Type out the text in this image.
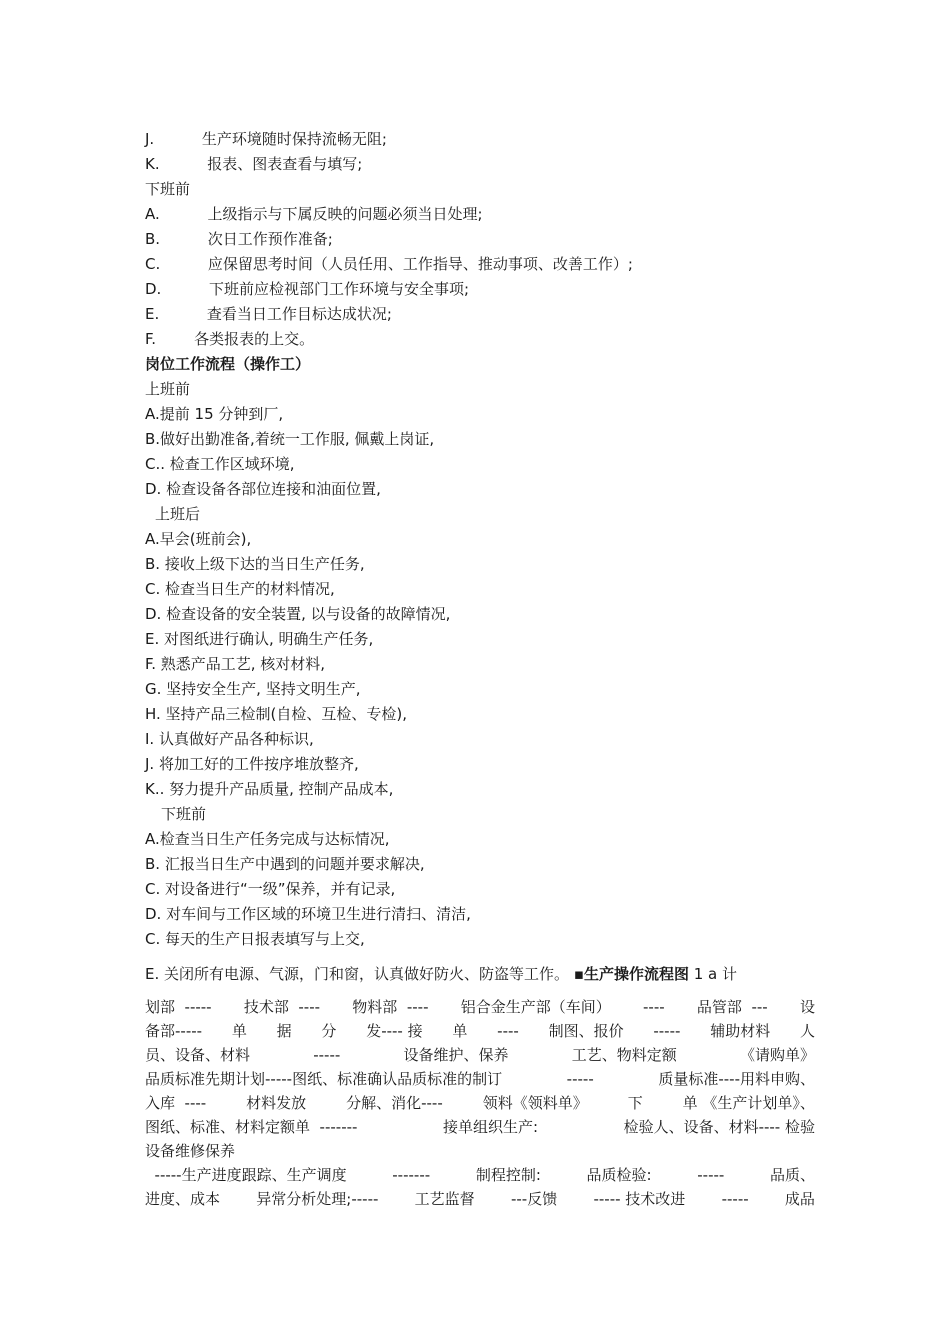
J.          生产环境随时保持流畅无阻;
K.          报表、图表查看与填写;
下班前
A.          上级指示与下属反映的问题必须当日处理;
B.          次日工作预作准备;
C.          应保留思考时间（人员任用、工作指导、推动事项、改善工作）;
D.          下班前应检视部门工作环境与安全事项;
E.          查看当日工作目标达成状况;
F.        各类报表的上交。
岗位工作流程（操作工）
上班前
A.提前 15 分钟到厂,
B.做好出勤准备,着统一工作服, 佩戴上岗证,
C.. 检查工作区域环境,
D. 检查设备各部位连接和油面位置,
上班后
A.早会(班前会),
B. 接收上级下达的当日生产任务,
C. 检查当日生产的材料情况,
D. 检查设备的安全装置, 以与设备的故障情况,
E. 对图纸进行确认, 明确生产任务,
F. 熟悉产品工艺, 核对材料,
G. 坚持安全生产, 坚持文明生产,
H. 坚持产品三检制(自检、互检、专检),
I. 认真做好产品各种标识,
J. 将加工好的工件按序堆放整齐,
K.. 努力提升产品质量, 控制产品成本,
下班前
A.检查当日生产任务完成与达标情况,
B. 汇报当日生产中遇到的问题并要求解决,
C. 对设备进行“一级”保养，并有记录,
D. 对车间与工作区域的环境卫生进行清扫、清洁,
C. 每天的生产日报表填写与上交,
E. 关闭所有电源、气源，门和窗，认真做好防火、防盗等工作。 ▪生产操作流程图 1 a 计
划部  ----- 技术部  ---- 物料部  ---- 铝合金生产部（车间） ---- 品管部  --- 设
备部----- 单 据 分 发---- 接 单 ---- 制图、报价 ----- 辅助材料 人
员、设备、材料	-----	设备维护、保养	工艺、物料定额	《请购单》
品质标准先期计划-----图纸、标准确认品质标准的制订	-----	质量标准----用料申购、
入库  ----	材料发放	分解、消化----	领料《领料单》	下	单 《生产计划单》、
图纸、标准、材料定额单  -------	接单组织生产:	检验人、设备、材料---- 检验
设备维修保养
-----生产进度跟踪、生产调度	-------	制程控制:	品质检验:	-----	品质、
进度、成本 异常分析处理;----- 工艺监督 ---反馈 ----- 技术改进 ----- 成品
